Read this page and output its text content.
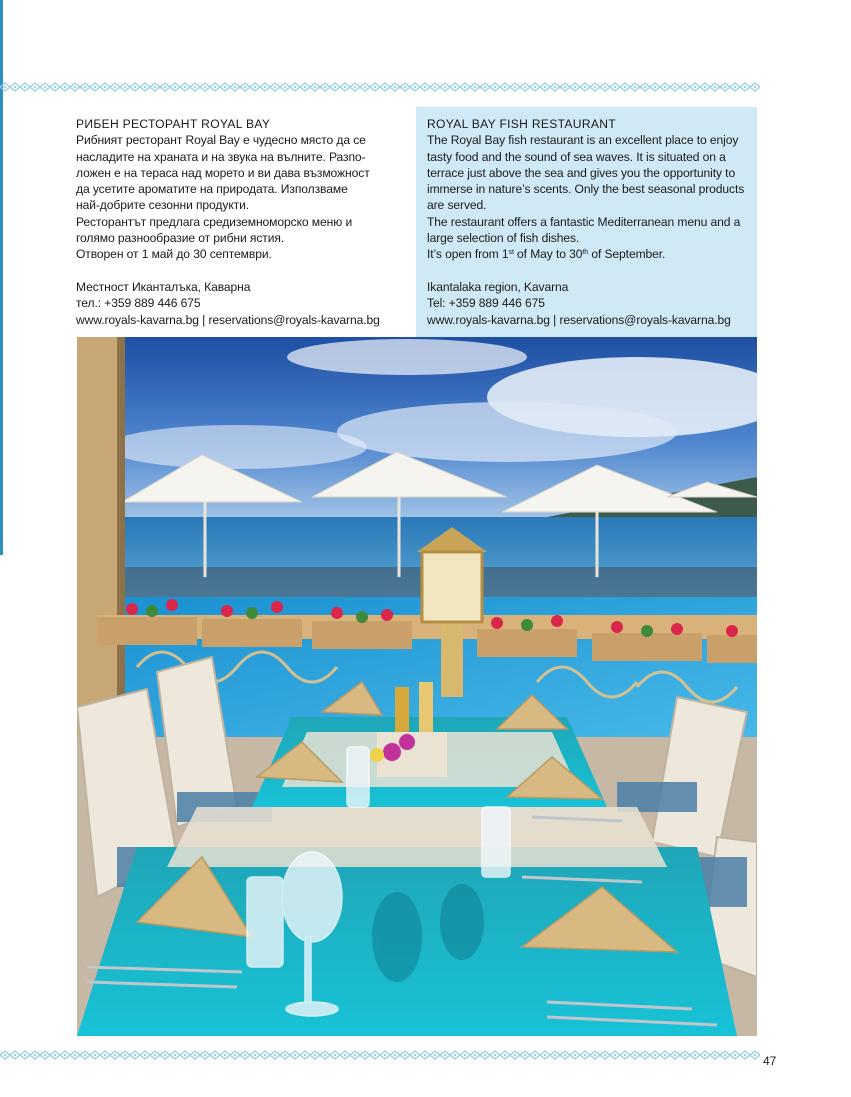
РИБЕН РЕСТОРАНТ ROYAL BAY
Рибният ресторант Royal Bay е чудесно място да се
насладите на храната и на звука на вълните. Разпо-
ложен е на тераса над морето и ви дава възможност
да усетите ароматите на природата. Използваме
най-добрите сезонни продукти.
Ресторантът предлага средиземноморско меню и
голямо разнообразие от рибни ястия.
Отворен от 1 май до 30 септември.
Местност Иканталъка, Каварна
тел.: +359 889 446 675
www.royals-kavarna.bg | reservations@royals-kavarna.bg
ROYAL BAY FISH RESTAURANT
The Royal Bay fish restaurant is an excellent place to enjoy
tasty food and the sound of sea waves. It is situated on a
terrace just above the sea and gives you the opportunity to
immerse in nature’s scents. Only the best seasonal products
are served.
The restaurant offers a fantastic Mediterranean menu and a
large selection of fish dishes.
It’s open from 1st of May to 30th of September.
Ikantalaka region, Kavarna
Tel: +359 889 446 675
www.royals-kavarna.bg | reservations@royals-kavarna.bg
47
